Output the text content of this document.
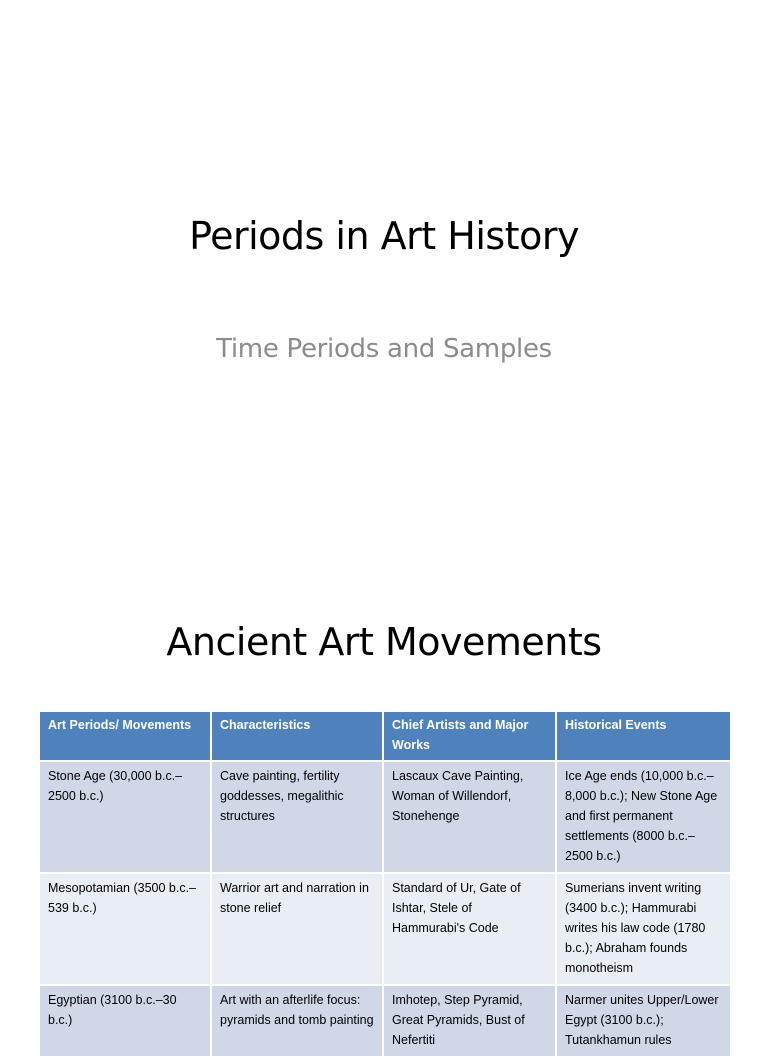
Periods in Art History
Time Periods and Samples
Ancient Art Movements
Art Periods/ Movements	Characteristics	Chief Artists and Major Works	Historical Events
Stone Age (30,000 b.c.–2500 b.c.)	Cave painting, fertility goddesses, megalithic structures	Lascaux Cave Painting, Woman of Willendorf, Stonehenge	Ice Age ends (10,000 b.c.–8,000 b.c.); New Stone Age and first permanent settlements (8000 b.c.–2500 b.c.)
Mesopotamian (3500 b.c.–539 b.c.)	Warrior art and narration in stone relief	Standard of Ur, Gate of Ishtar, Stele of Hammurabi's Code	Sumerians invent writing (3400 b.c.); Hammurabi writes his law code (1780 b.c.); Abraham founds monotheism
Egyptian (3100 b.c.–30 b.c.)	Art with an afterlife focus: pyramids and tomb painting	Imhotep, Step Pyramid, Great Pyramids, Bust of Nefertiti	Narmer unites Upper/Lower Egypt (3100 b.c.); Tutankhamun rules
